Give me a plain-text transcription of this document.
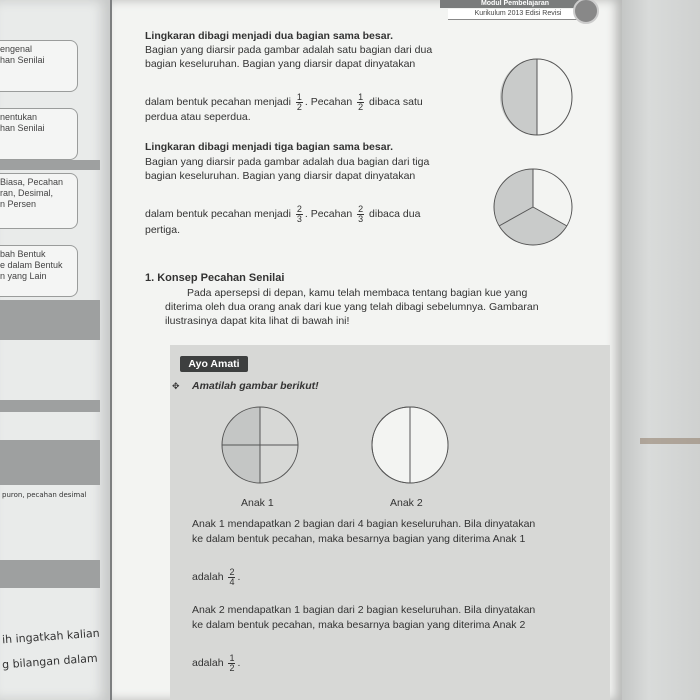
engenal
han Senilai
nentukan
han Senilai
Biasa, Pecahan
ran, Desimal,
n Persen
bah Bentuk
e dalam Bentuk
n yang Lain
puron, pecahan desimal
ih ingatkah kalian
g bilangan dalam
Modul Pembelajaran
Kurikulum 2013 Edisi Revisi
Lingkaran dibagi menjadi dua bagian sama besar.
Bagian yang diarsir pada gambar adalah satu bagian dari dua
bagian keseluruhan. Bagian yang diarsir dapat dinyatakan
dalam bentuk pecahan menjadi $\frac{1}{2}$ . Pecahan $\frac{1}{2}$ dibaca satu
perdua atau seperdua.
Lingkaran dibagi menjadi tiga bagian sama besar.
Bagian yang diarsir pada gambar adalah dua bagian dari tiga
bagian keseluruhan. Bagian yang diarsir dapat dinyatakan
dalam bentuk pecahan menjadi $\frac{2}{3}$ . Pecahan $\frac{2}{3}$ dibaca dua
pertiga.
1. Konsep Pecahan Senilai
Pada apersepsi di depan, kamu telah membaca tentang bagian kue yang
diterima oleh dua orang anak dari kue yang telah dibagi sebelumnya. Gambaran
ilustrasinya dapat kita lihat di bawah ini!
Ayo Amati
✥ Amatilah gambar berikut!
Anak 1	Anak 2
Anak 1 mendapatkan 2 bagian dari 4 bagian keseluruhan. Bila dinyatakan
ke dalam bentuk pecahan, maka besarnya bagian yang diterima Anak 1
adalah $\frac{2}{4}$ .
Anak 2 mendapatkan 1 bagian dari 2 bagian keseluruhan. Bila dinyatakan
ke dalam bentuk pecahan, maka besarnya bagian yang diterima Anak 2
adalah $\frac{1}{2}$ .
